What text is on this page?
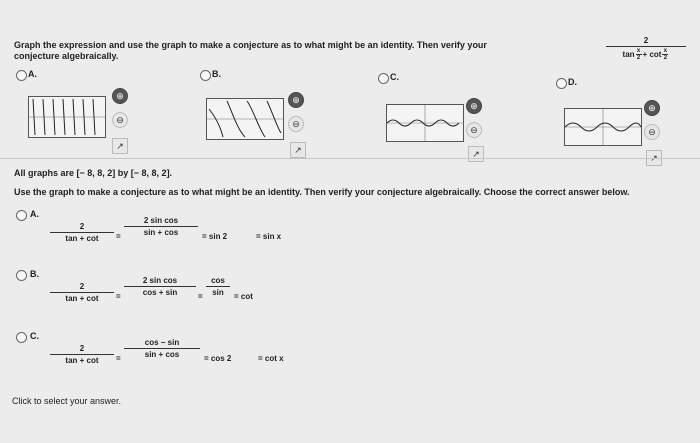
2
tan x
2 + cot x
2
Graph the expression and use the graph to make a conjecture as to what might be an identity. Then verify your conjecture algebraically.
A.	B.	C.	D.
⊕
⊖
↗
⊕
⊖
↗
⊕
⊖
↗
⊕
⊖
All graphs are [− 8, 8, 2] by [− 8, 8, 2].
Use the graph to make a conjecture as to what might be an identity. Then verify your conjecture algebraically. Choose the correct answer below.
A.
2
tan + cot =
2 sin cos
sin + cos	= sin 2	= sin x
B.
2
tan + cot =
2 sin cos
cos + sin	=
cos
sin = cot
C.
2
tan + cot =
cos − sin
sin + cos	= cos 2	= cot x
Click to select your answer.
